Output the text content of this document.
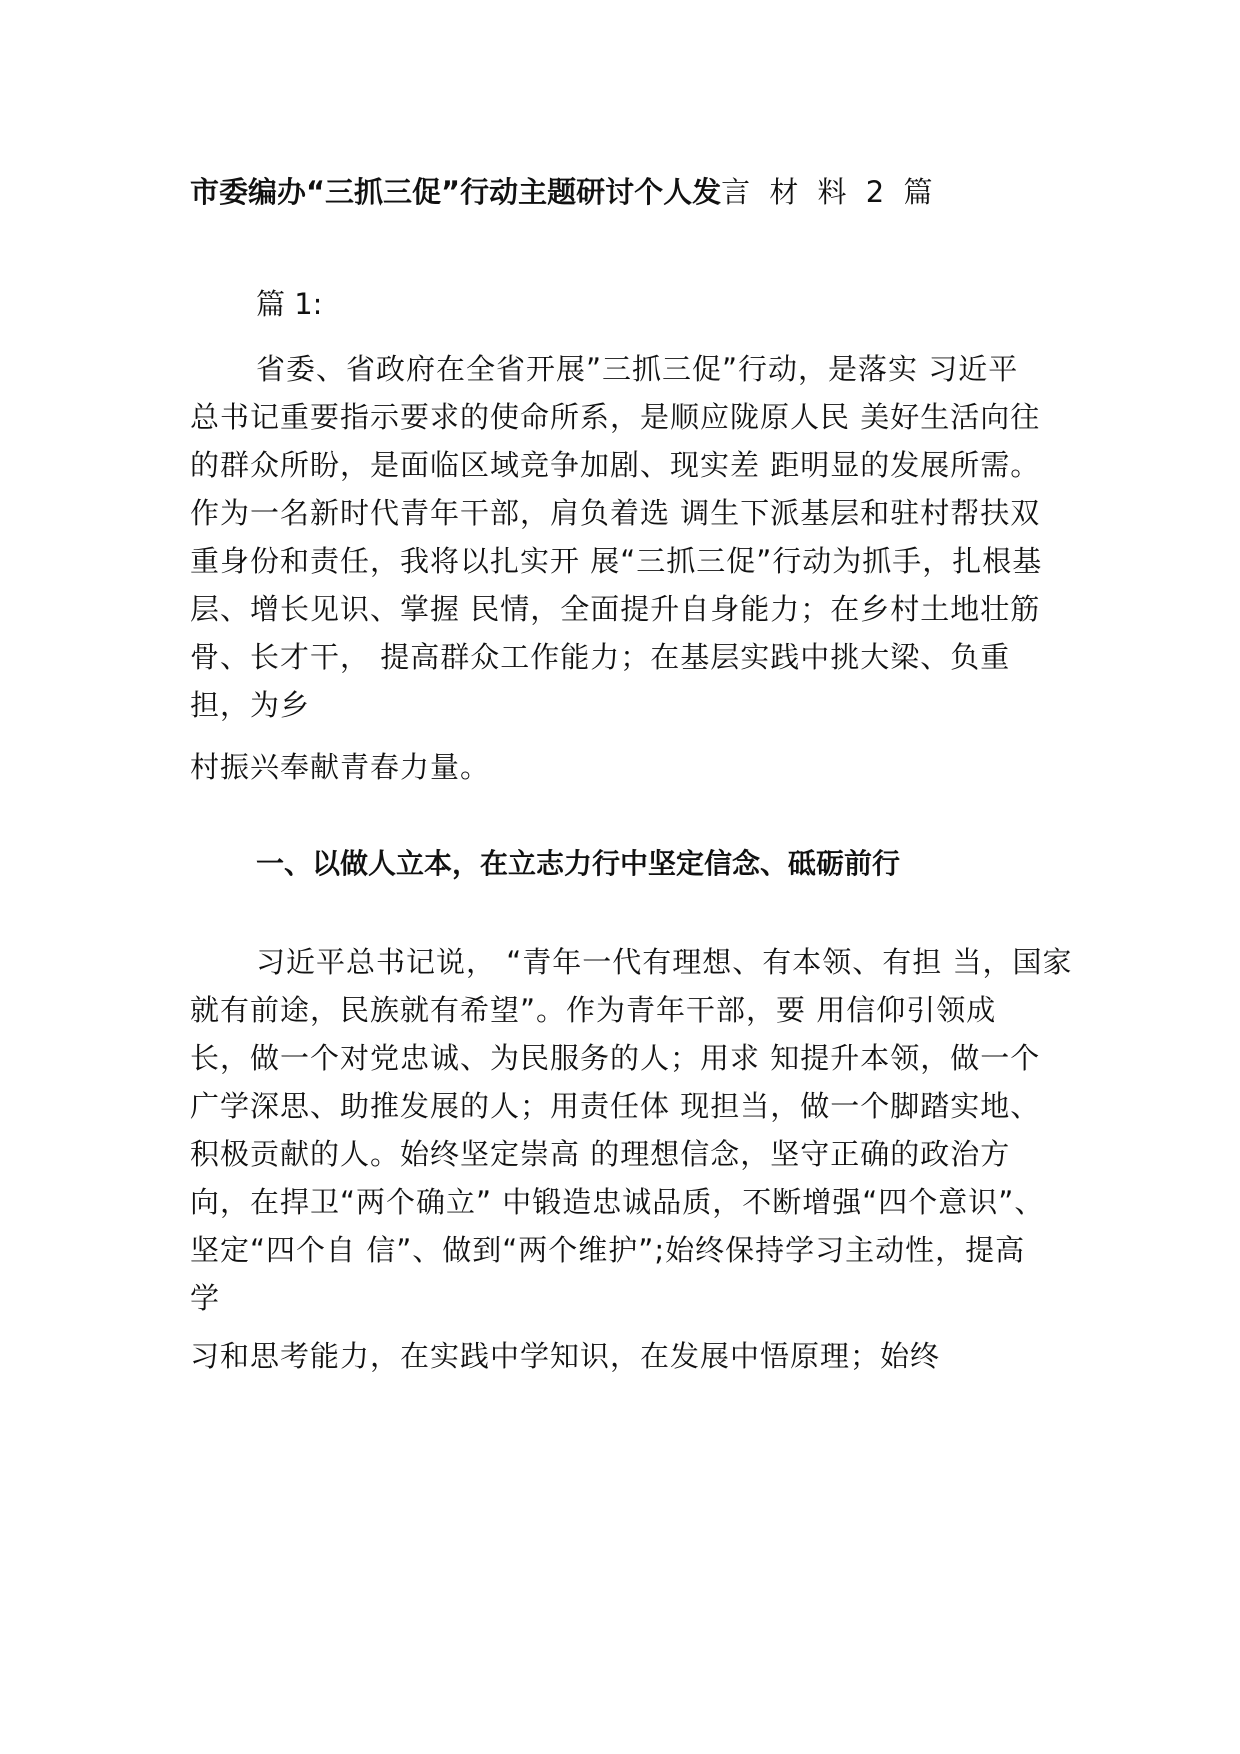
市委编办“三抓三促”行动主题研讨个人发言 材 料 2 篇
篇 1:
省委、省政府在全省开展”三抓三促”行动，是落实 习近平
总书记重要指示要求的使命所系，是顺应陇原人民 美好生活向往
的群众所盼，是面临区域竞争加剧、现实差 距明显的发展所需。
作为一名新时代青年干部，肩负着选 调生下派基层和驻村帮扶双
重身份和责任，我将以扎实开 展“三抓三促”行动为抓手，扎根基
层、增长见识、掌握 民情，全面提升自身能力；在乡村土地壮筋
骨、长才干， 提高群众工作能力；在基层实践中挑大梁、负重
担，为乡
村振兴奉献青春力量。
一、以做人立本，在立志力行中坚定信念、砥砺前行
习近平总书记说， “青年一代有理想、有本领、有担 当，国家
就有前途，民族就有希望”。作为青年干部，要 用信仰引领成
长，做一个对党忠诚、为民服务的人；用求 知提升本领，做一个
广学深思、助推发展的人；用责任体 现担当，做一个脚踏实地、
积极贡献的人。始终坚定崇高 的理想信念，坚守正确的政治方
向，在捍卫“两个确立” 中锻造忠诚品质，不断增强“四个意识”、
坚定“四个自 信”、做到“两个维护”;始终保持学习主动性，提高
学
习和思考能力，在实践中学知识，在发展中悟原理；始终
